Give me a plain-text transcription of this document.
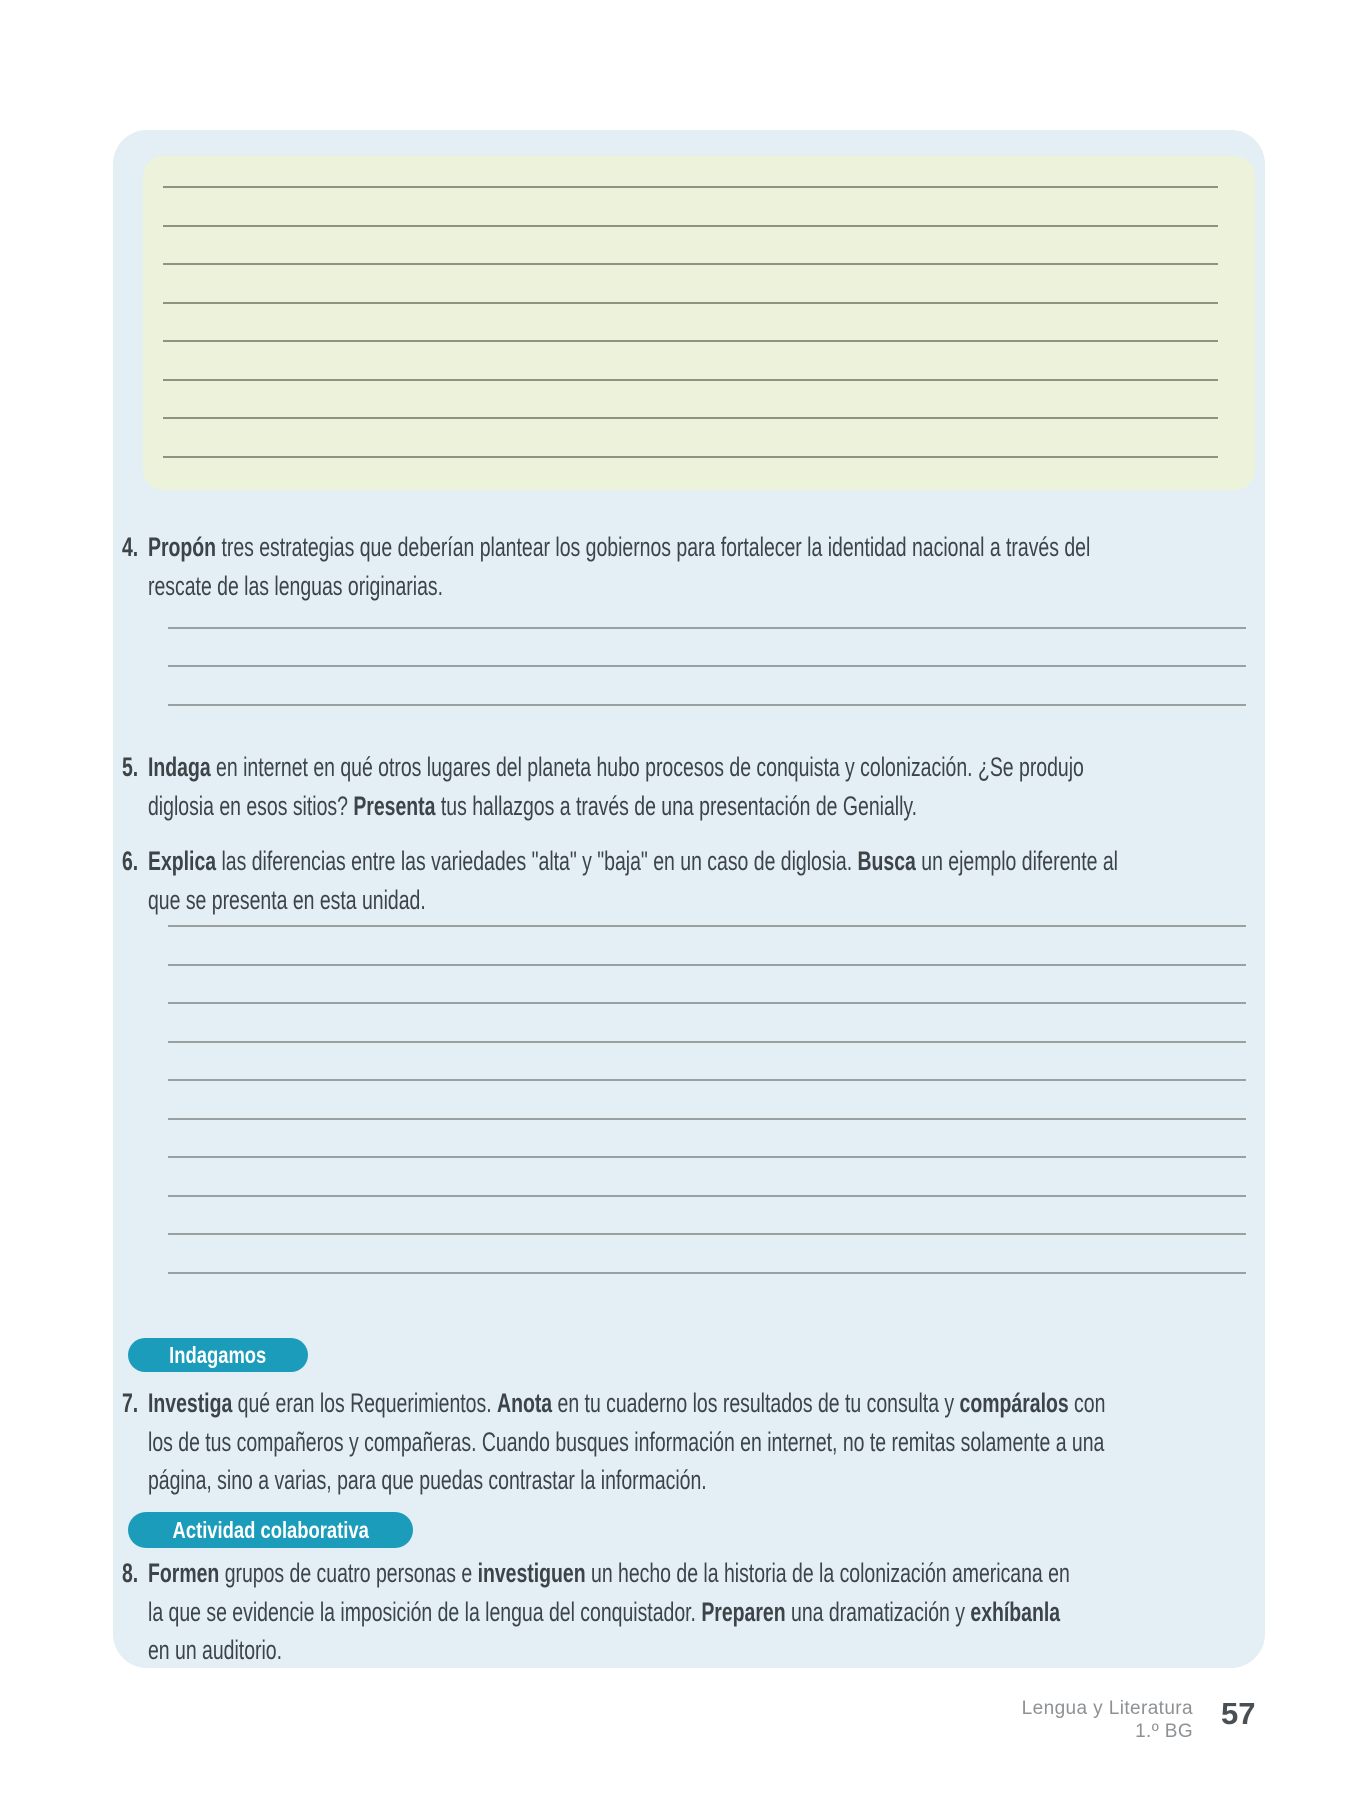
4. Propón tres estrategias que deberían plantear los gobiernos para fortalecer la identidad nacional a través del
rescate de las lenguas originarias.
5. Indaga en internet en qué otros lugares del planeta hubo procesos de conquista y colonización. ¿Se produjo
diglosia en esos sitios? Presenta tus hallazgos a través de una presentación de Genially.
6. Explica las diferencias entre las variedades "alta" y "baja" en un caso de diglosia. Busca un ejemplo diferente al
que se presenta en esta unidad.
Indagamos
7. Investiga qué eran los Requerimientos. Anota en tu cuaderno los resultados de tu consulta y compáralos con
los de tus compañeros y compañeras. Cuando busques información en internet, no te remitas solamente a una
página, sino a varias, para que puedas contrastar la información.
Actividad colaborativa
8. Formen grupos de cuatro personas e investiguen un hecho de la historia de la colonización americana en
la que se evidencie la imposición de la lengua del conquistador. Preparen una dramatización y exhíbanla
en un auditorio.
Lengua y Literatura
1.º BG
57
